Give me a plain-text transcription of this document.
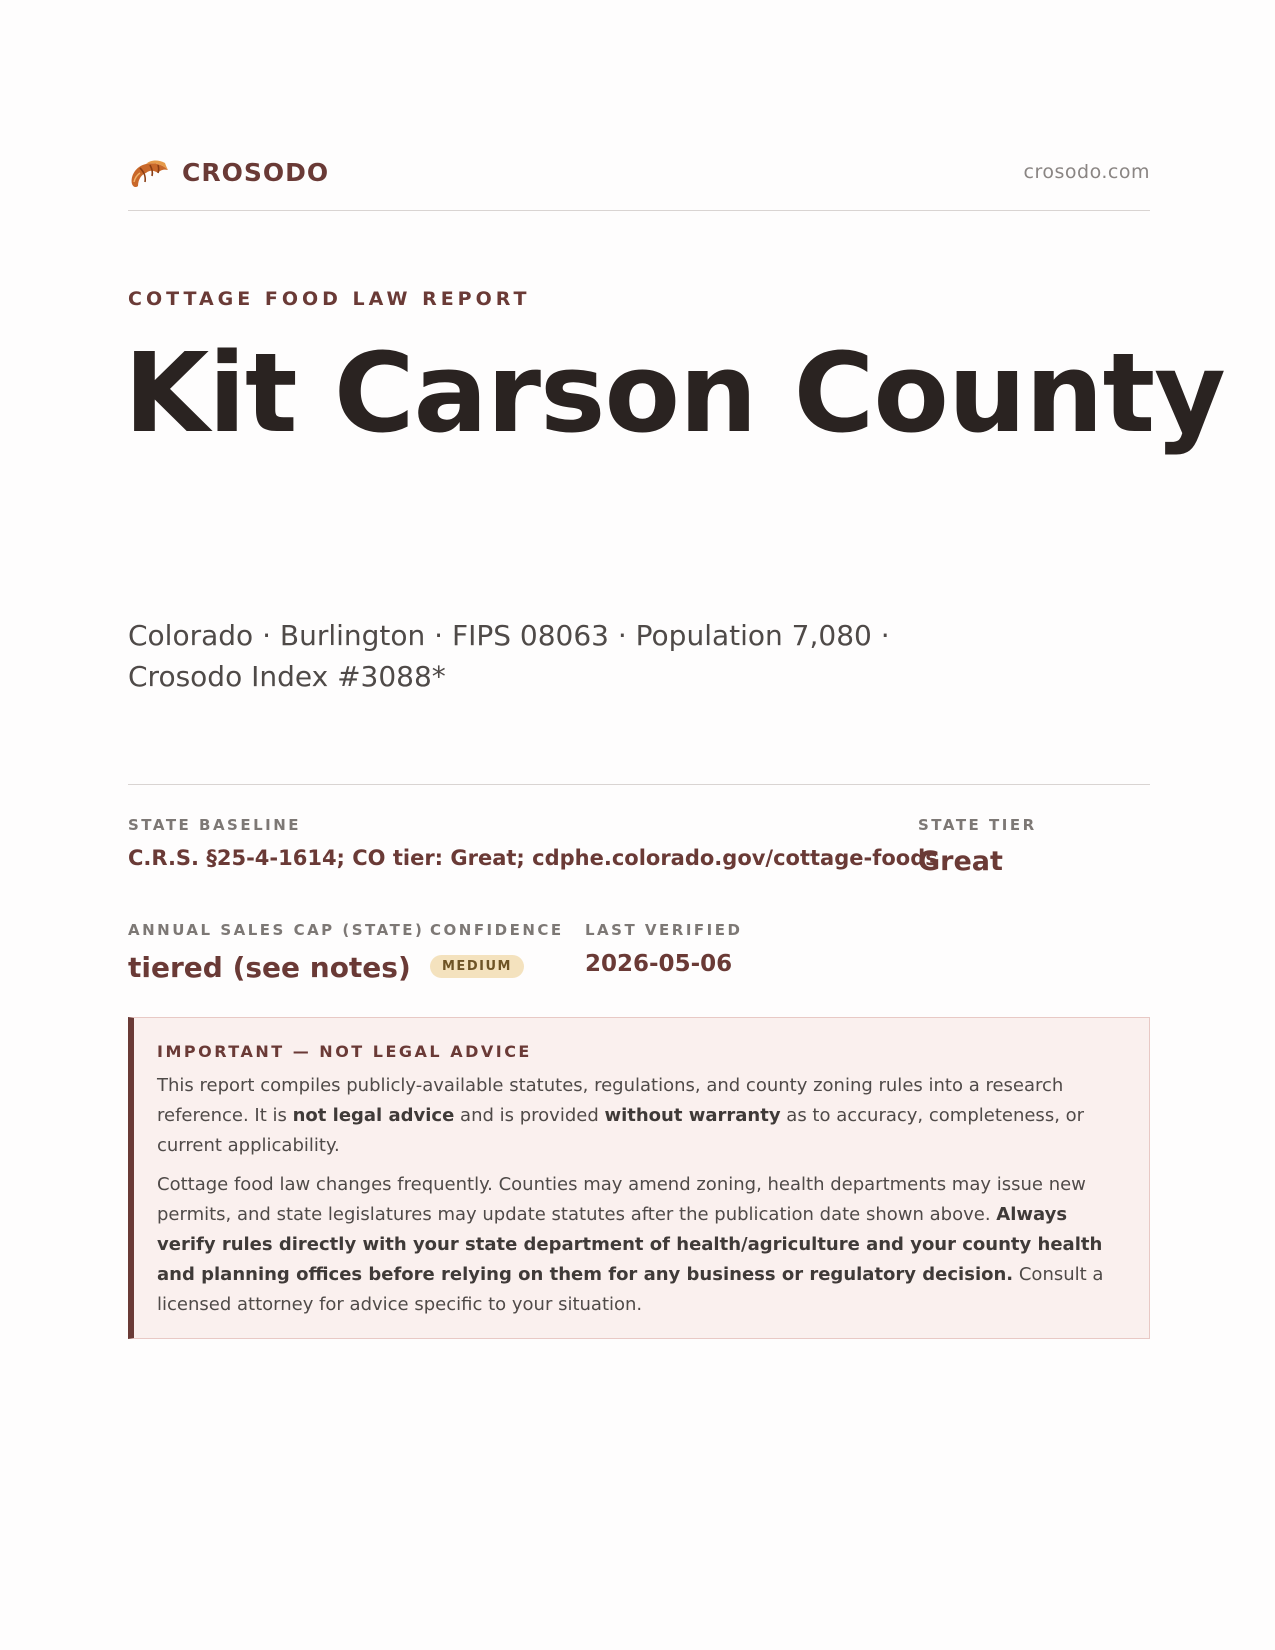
CROSODO	crosodo.com
COTTAGE FOOD LAW REPORT
Kit Carson County
Colorado · Burlington · FIPS 08063 · Population 7,080 ·
Crosodo Index #3088*
STATE BASELINE
C.R.S. §25-4-1614; CO tier: Great; cdphe.colorado.gov/cottage-foods
STATE TIER
Great
ANNUAL SALES CAP (STATE)
tiered (see notes)
CONFIDENCE
MEDIUM
LAST VERIFIED
2026-05-06
IMPORTANT — NOT LEGAL ADVICE

This report compiles publicly-available statutes, regulations, and county zoning rules into a research reference. It is not legal advice and is provided without warranty as to accuracy, completeness, or current applicability.

Cottage food law changes frequently. Counties may amend zoning, health departments may issue new permits, and state legislatures may update statutes after the publication date shown above. Always verify rules directly with your state department of health/agriculture and your county health and planning offices before relying on them for any business or regulatory decision. Consult a licensed attorney for advice specific to your situation.
